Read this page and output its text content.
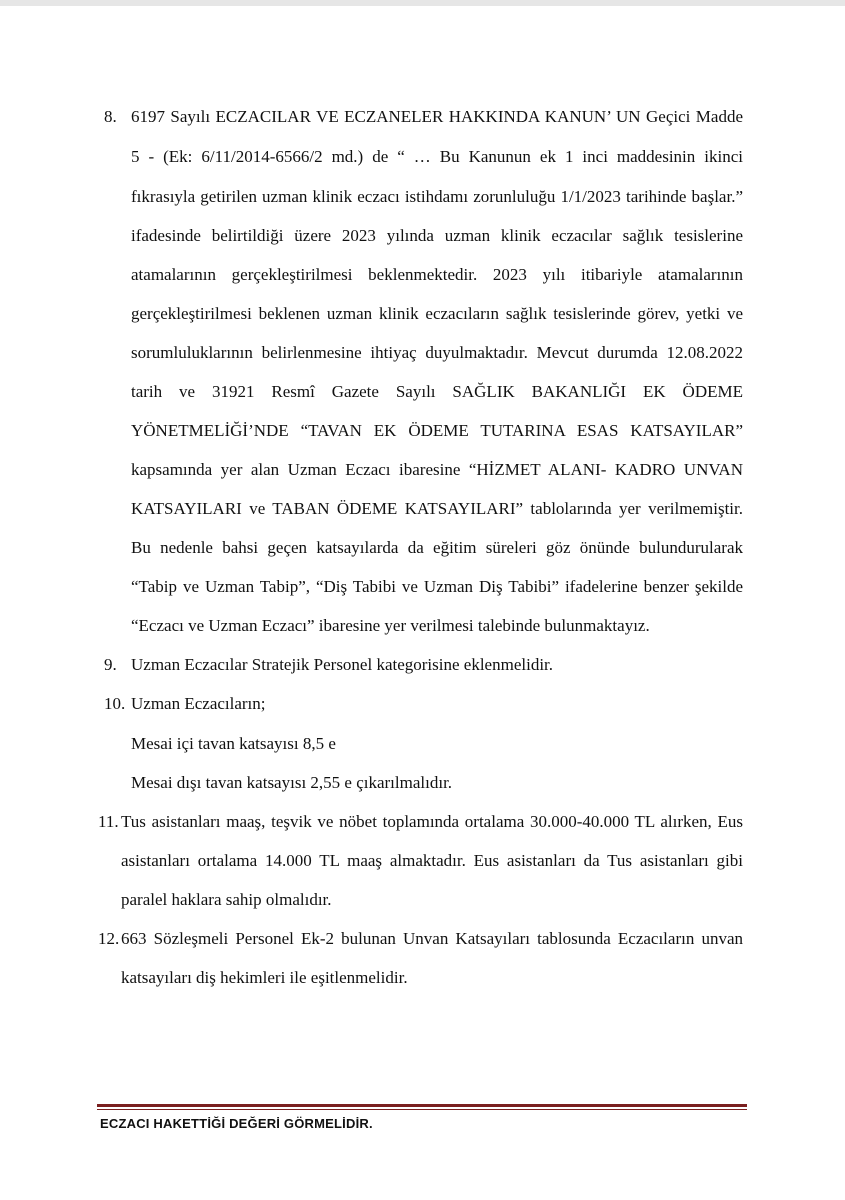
8. 6197 Sayılı ECZACILAR VE ECZANELER HAKKINDA KANUN’ UN Geçici Madde
5 - (Ek: 6/11/2014-6566/2 md.) de “ … Bu Kanunun ek 1 inci maddesinin ikinci
fıkrasıyla getirilen uzman klinik eczacı istihdamı zorunluluğu 1/1/2023 tarihinde başlar.”
ifadesinde belirtildiği üzere 2023 yılında uzman klinik eczacılar sağlık tesislerine
atamalarının gerçekleştirilmesi beklenmektedir. 2023 yılı itibariyle atamalarının
gerçekleştirilmesi beklenen uzman klinik eczacıların sağlık tesislerinde görev, yetki ve
sorumluluklarının belirlenmesine ihtiyaç duyulmaktadır. Mevcut durumda 12.08.2022
tarih ve 31921 Resmî Gazete Sayılı SAĞLIK BAKANLIĞI EK ÖDEME
YÖNETMELİĞİ’NDE “TAVAN EK ÖDEME TUTARINA ESAS KATSAYILAR”
kapsamında yer alan Uzman Eczacı ibaresine “HİZMET ALANI- KADRO UNVAN
KATSAYILARI ve TABAN ÖDEME KATSAYILARI” tablolarında yer verilmemiştir.
Bu nedenle bahsi geçen katsayılarda da eğitim süreleri göz önünde bulundurularak
“Tabip ve Uzman Tabip”, “Diş Tabibi ve Uzman Diş Tabibi” ifadelerine benzer şekilde
“Eczacı ve Uzman Eczacı” ibaresine yer verilmesi talebinde bulunmaktayız.
9. Uzman Eczacılar Stratejik Personel kategorisine eklenmelidir.
10. Uzman Eczacıların;
Mesai içi tavan katsayısı 8,5 e
Mesai dışı tavan katsayısı 2,55 e çıkarılmalıdır.
11. Tus asistanları maaş, teşvik ve nöbet toplamında ortalama 30.000-40.000 TL alırken, Eus
asistanları ortalama 14.000 TL maaş almaktadır. Eus asistanları da Tus asistanları gibi
paralel haklara sahip olmalıdır.
12. 663 Sözleşmeli Personel Ek-2 bulunan Unvan Katsayıları tablosunda Eczacıların unvan
katsayıları diş hekimleri ile eşitlenmelidir.
ECZACI HAKETTİĞİ DEĞERİ GÖRMELİDİR.
